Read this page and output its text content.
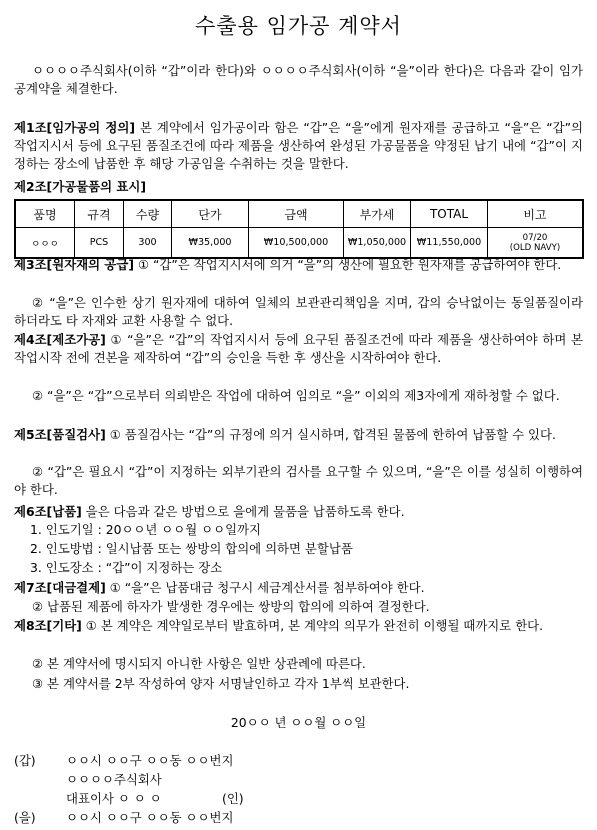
수출용 임가공 계약서
ㅇㅇㅇㅇ주식회사(이하 “갑”이라 한다)와 ㅇㅇㅇㅇ주식회사(이하 “을”이라 한다)은 다음과 같이 임가공계약을 체결한다.
제1조[임가공의 정의] 본 계약에서 임가공이라 함은 “갑”은 “을”에게 원자재를 공급하고 “을”은 “갑”의 작업지시서 등에 요구된 품질조건에 따라 제품을 생산하여 완성된 가공물품을 약정된 납기 내에 “갑”이 지정하는 장소에 납품한 후 해당 가공임을 수취하는 것을 말한다.
제2조[가공물품의 표시]
품명	규격	수량	단가	금액	부가세	TOTAL	비고
ㅇㅇㅇ	PCS	300	₩35,000	₩10,500,000	₩1,050,000	₩11,550,000	07/20
(OLD NAVY)
제3조[원자재의 공급] ① “갑”은 작업지시서에 의거 “을”의 생산에 필요한 원자재를 공급하여야 한다.
② “을”은 인수한 상기 원자재에 대하여 일체의 보관관리책임을 지며, 갑의 승낙없이는 동일품질이라 하더라도 타 자재와 교환 사용할 수 없다.
제4조[제조가공] ① “을”은 “갑”의 작업지시서 등에 요구된 품질조건에 따라 제품을 생산하여야 하며 본 작업시작 전에 견본을 제작하여 “갑”의 승인을 득한 후 생산을 시작하여야 한다.
② “을”은 “갑”으로부터 의뢰받은 작업에 대하여 임의로 “을” 이외의 제3자에게 재하청할 수 없다.
제5조[품질검사] ① 품질검사는 “갑”의 규정에 의거 실시하며, 합격된 물품에 한하여 납품할 수 있다.
② “갑”은 필요시 “갑”이 지정하는 외부기관의 검사를 요구할 수 있으며, “을”은 이를 성실히 이행하여야 한다.
제6조[납품] 을은 다음과 같은 방법으로 을에게 물품을 납품하도록 한다.
1. 인도기일 : 20ㅇㅇ년 ㅇㅇ월 ㅇㅇ일까지
2. 인도방법 : 일시납품 또는 쌍방의 합의에 의하면 분할납품
3. 인도장소 : “갑”이 지정하는 장소
제7조[대금결제] ① “을”은 납품대금 청구시 세금계산서를 첨부하여야 한다.
② 납품된 제품에 하자가 발생한 경우에는 쌍방의 합의에 의하여 결정한다.
제8조[기타] ① 본 계약은 계약일로부터 발효하며, 본 계약의 의무가 완전히 이행될 때까지로 한다.
② 본 계약서에 명시되지 아니한 사항은 일반 상관례에 따른다.
③ 본 계약서를 2부 작성하여 양자 서명날인하고 각자 1부씩 보관한다.
20ㅇㅇ 년 ㅇㅇ월 ㅇㅇ일
(갑) ㅇㅇ시 ㅇㅇ구 ㅇㅇ동 ㅇㅇ번지
ㅇㅇㅇㅇ주식회사
대표이사 ㅇ ㅇ ㅇ	(인)
(을) ㅇㅇ시 ㅇㅇ구 ㅇㅇ동 ㅇㅇ번지
